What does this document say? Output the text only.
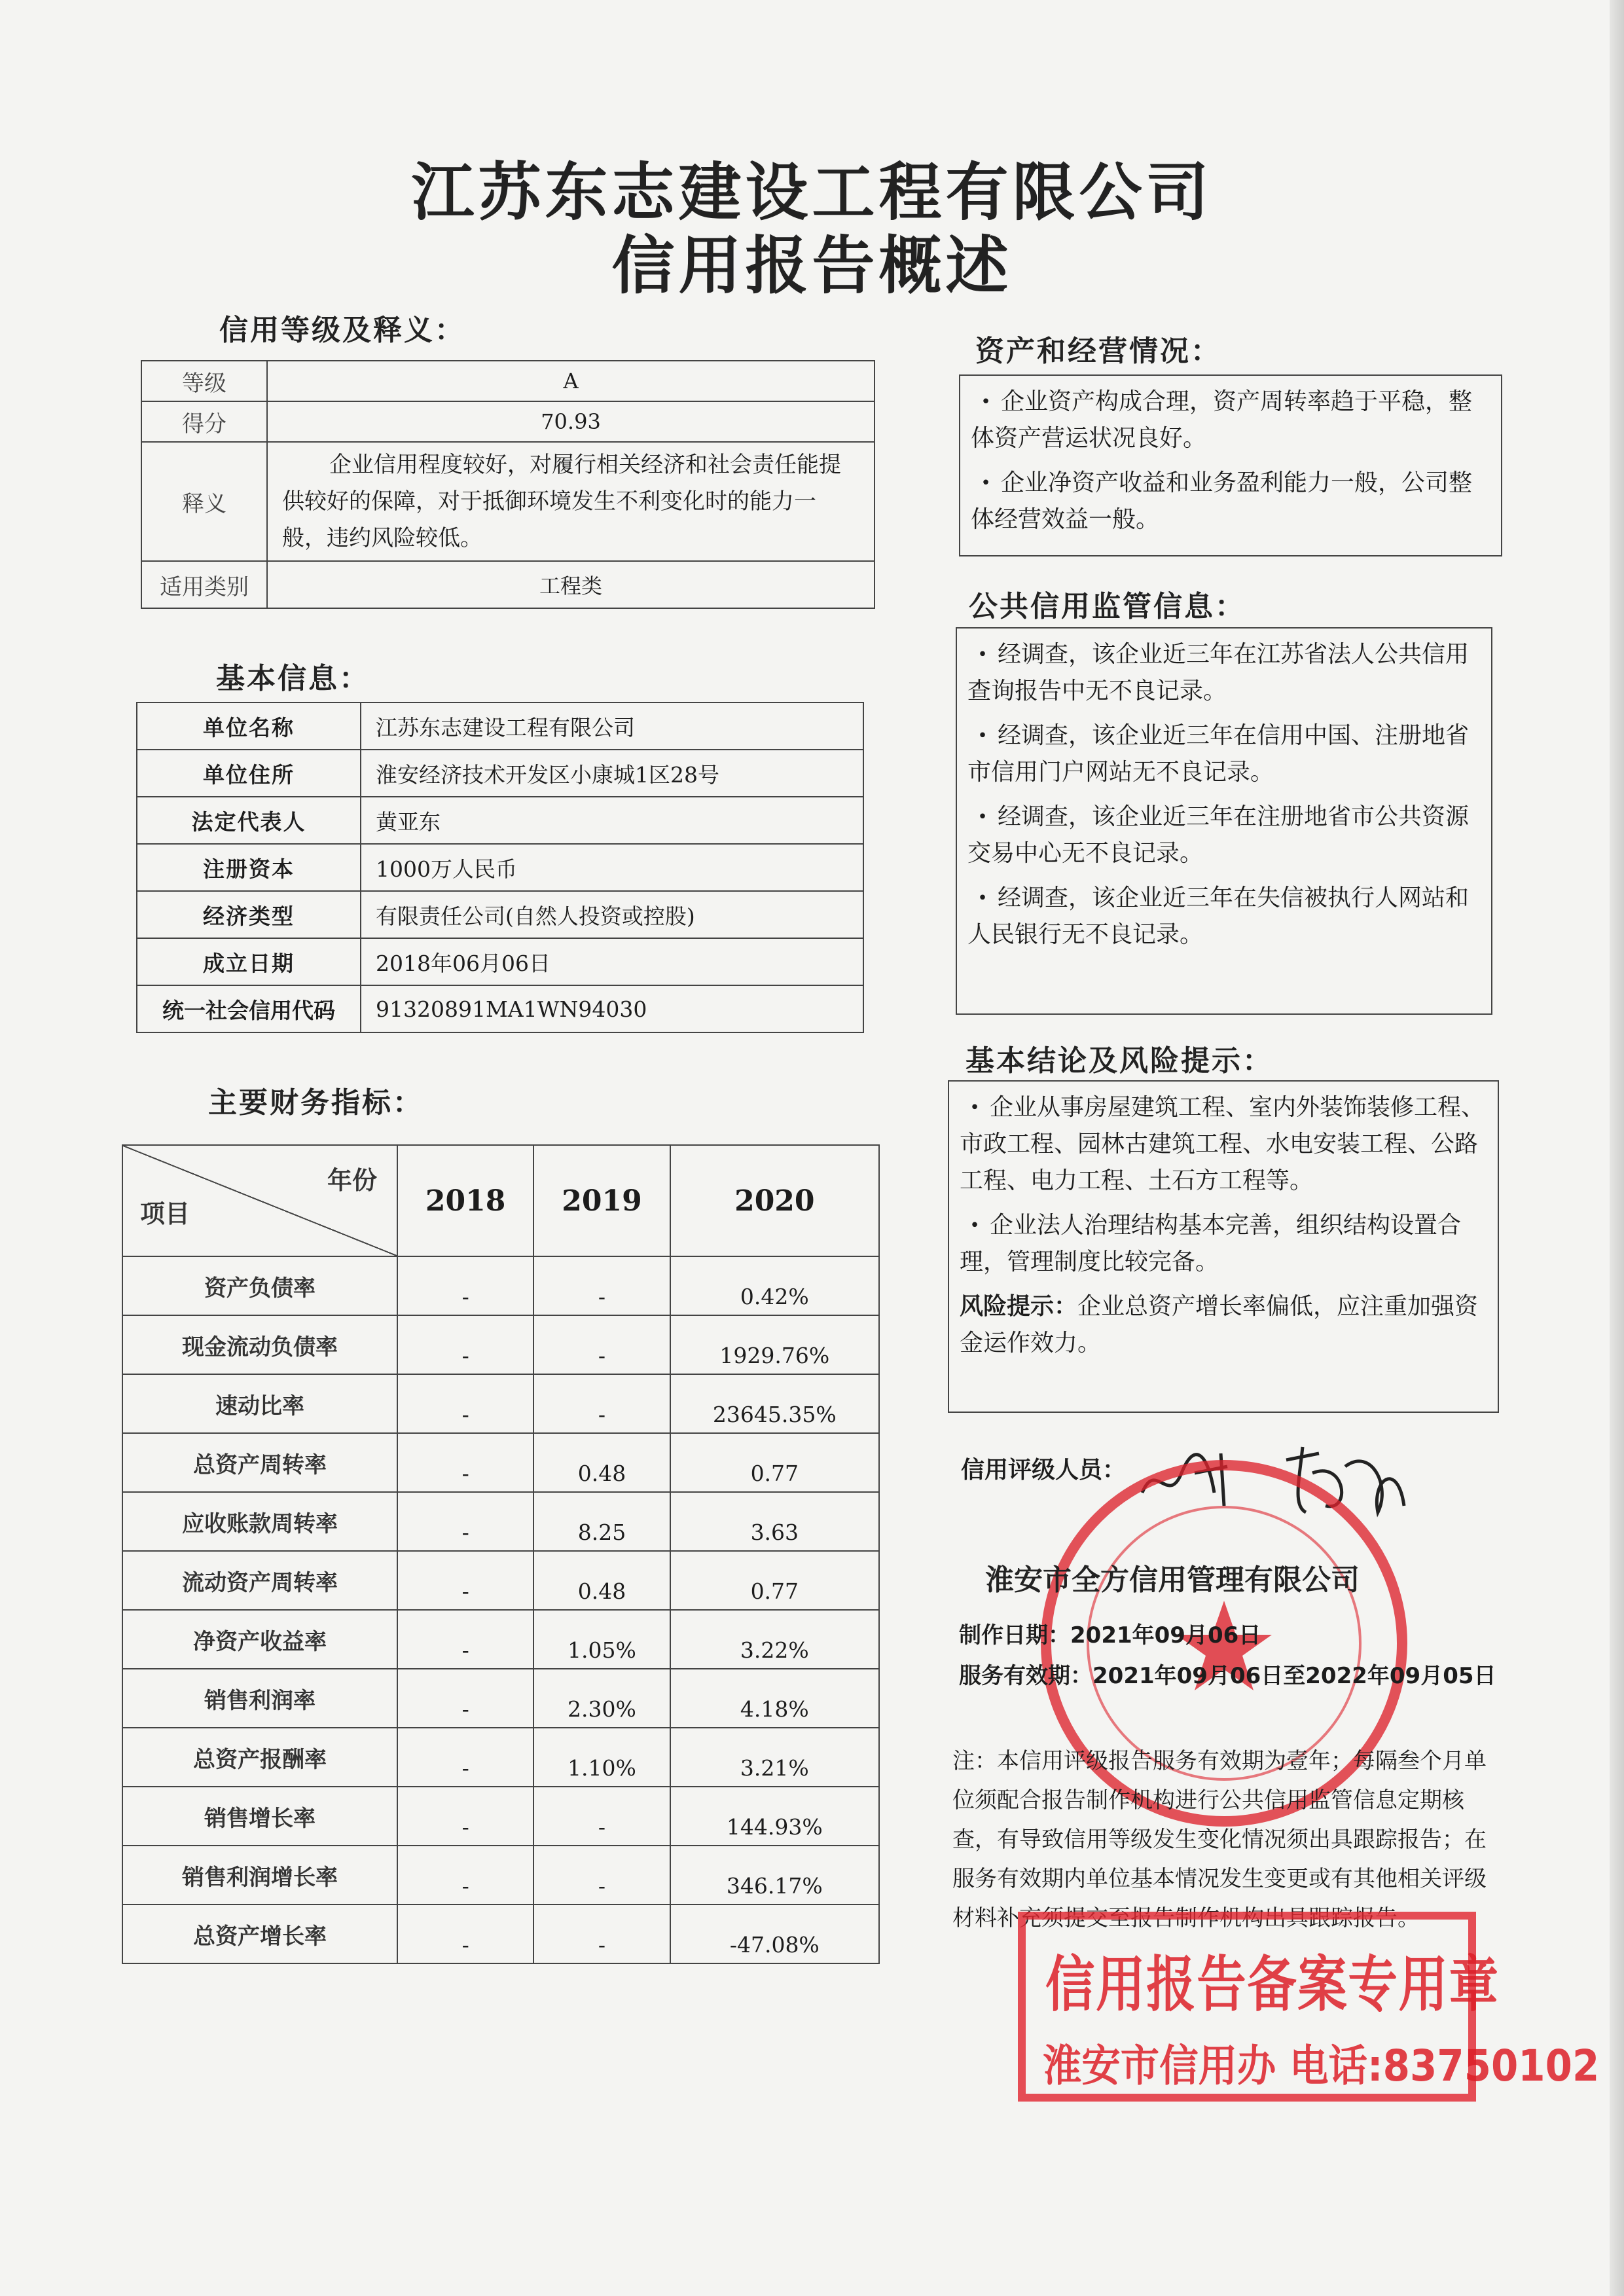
江苏东志建设工程有限公司
信用报告概述
信用等级及释义：
等级	A
得分	70.93
释义	企业信用程度较好，对履行相关经济和社会责任能提供较好的保障，对于抵御环境发生不利变化时的能力一般，违约风险较低。
适用类别	工程类
基本信息：
单位名称	江苏东志建设工程有限公司
单位住所	淮安经济技术开发区小康城1区28号
法定代表人	黄亚东
注册资本	1000万人民币
经济类型	有限责任公司(自然人投资或控股)
成立日期	2018年06月06日
统一社会信用代码	91320891MA1WN94030
主要财务指标：
年份
项目	2018	2019	2020
资产负债率	-	-	0.42%
现金流动负债率	-	-	1929.76%
速动比率	-	-	23645.35%
总资产周转率	-	0.48	0.77
应收账款周转率	-	8.25	3.63
流动资产周转率	-	0.48	0.77
净资产收益率	-	1.05%	3.22%
销售利润率	-	2.30%	4.18%
总资产报酬率	-	1.10%	3.21%
销售增长率	-	-	144.93%
销售利润增长率	-	-	346.17%
总资产增长率	-	-	-47.08%
资产和经营情况：

• 企业资产构成合理，资产周转率趋于平稳，整体资产营运状况良好。

• 企业净资产收益和业务盈利能力一般，公司整体经营效益一般。

公共信用监管信息：

• 经调查，该企业近三年在江苏省法人公共信用查询报告中无不良记录。

• 经调查，该企业近三年在信用中国、注册地省市信用门户网站无不良记录。

• 经调查，该企业近三年在注册地省市公共资源交易中心无不良记录。

• 经调查，该企业近三年在失信被执行人网站和人民银行无不良记录。

基本结论及风险提示：

• 企业从事房屋建筑工程、室内外装饰装修工程、市政工程、园林古建筑工程、水电安装工程、公路工程、电力工程、土石方工程等。

• 企业法人治理结构基本完善，组织结构设置合理，管理制度比较完备。

风险提示：企业总资产增长率偏低，应注重加强资金运作效力。

信用评级人员：
淮安市全方信用管理有限公司
制作日期：2021年09月06日
服务有效期：2021年09月06日至2022年09月05日
注：本信用评级报告服务有效期为壹年；每隔叁个月单位须配合报告制作机构进行公共信用监管信息定期核查，有导致信用等级发生变化情况须出具跟踪报告；在服务有效期内单位基本情况发生变更或有其他相关评级材料补充须提交至报告制作机构出具跟踪报告。
信用报告备案专用章
淮安市信用办 电话:83750102
